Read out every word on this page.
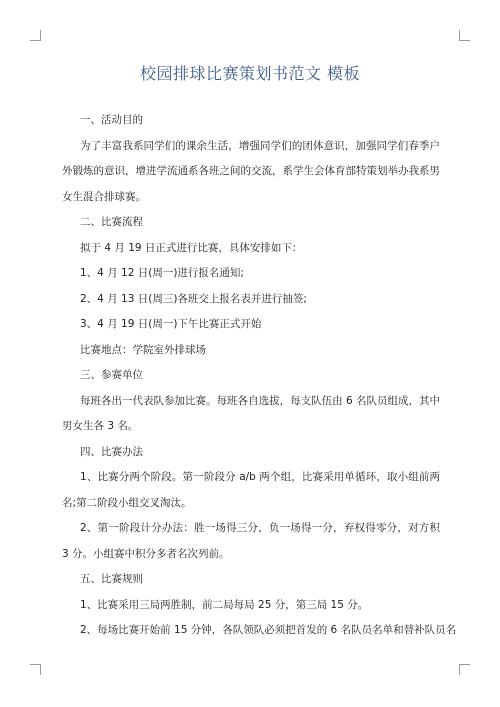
校园排球比赛策划书范文 模板

一、活动目的

为了丰富我系同学们的课余生活，增强同学们的团体意识，加强同学们春季户外锻炼的意识，增进学流通系各班之间的交流，系学生会体育部特策划举办我系男女生混合排球赛。

二、比赛流程

拟于 4 月 19 日正式进行比赛，具体安排如下：

1、4 月 12 日(周一)进行报名通知;

2、4 月 13 日(周三)各班交上报名表并进行抽签;

3、4 月 19 日(周一)下午比赛正式开始

比赛地点：学院室外排球场

三、参赛单位

每班各出一代表队参加比赛。每班各自选拔，每支队伍由 6 名队员组成，其中男女生各 3 名。

四、比赛办法

1、比赛分两个阶段。第一阶段分 a/b 两个组，比赛采用单循环，取小组前两名;第二阶段小组交叉淘汰。

2、第一阶段计分办法：胜一场得三分，负一场得一分，弃权得零分，对方积 3 分。小组赛中积分多者名次列前。

五、比赛规则

1、比赛采用三局两胜制，前二局每局 25 分，第三局 15 分。

2、每场比赛开始前 15 分钟，各队领队必须把首发的 6 名队员名单和替补队员名
